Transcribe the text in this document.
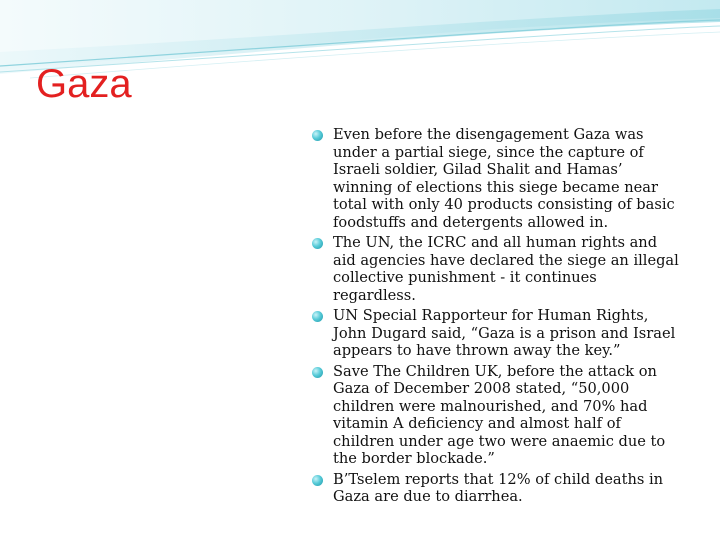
Gaza
Even before the disengagement Gaza was under a partial siege, since the capture of Israeli soldier, Gilad Shalit and Hamas’ winning of elections this siege became near total with only 40 products consisting of basic foodstuffs and detergents allowed in.
The UN, the ICRC and all human rights and aid agencies have declared the siege an illegal collective punishment - it continues regardless.
UN Special Rapporteur for Human Rights, John Dugard said, “Gaza is a prison and Israel appears to have thrown away the key.”
Save The Children UK, before the attack on Gaza of December 2008 stated, “50,000 children were malnourished, and 70% had vitamin A deficiency and almost half of children under age two were anaemic due to the border blockade.”
B’Tselem reports that 12% of child deaths in Gaza are due to diarrhea.
